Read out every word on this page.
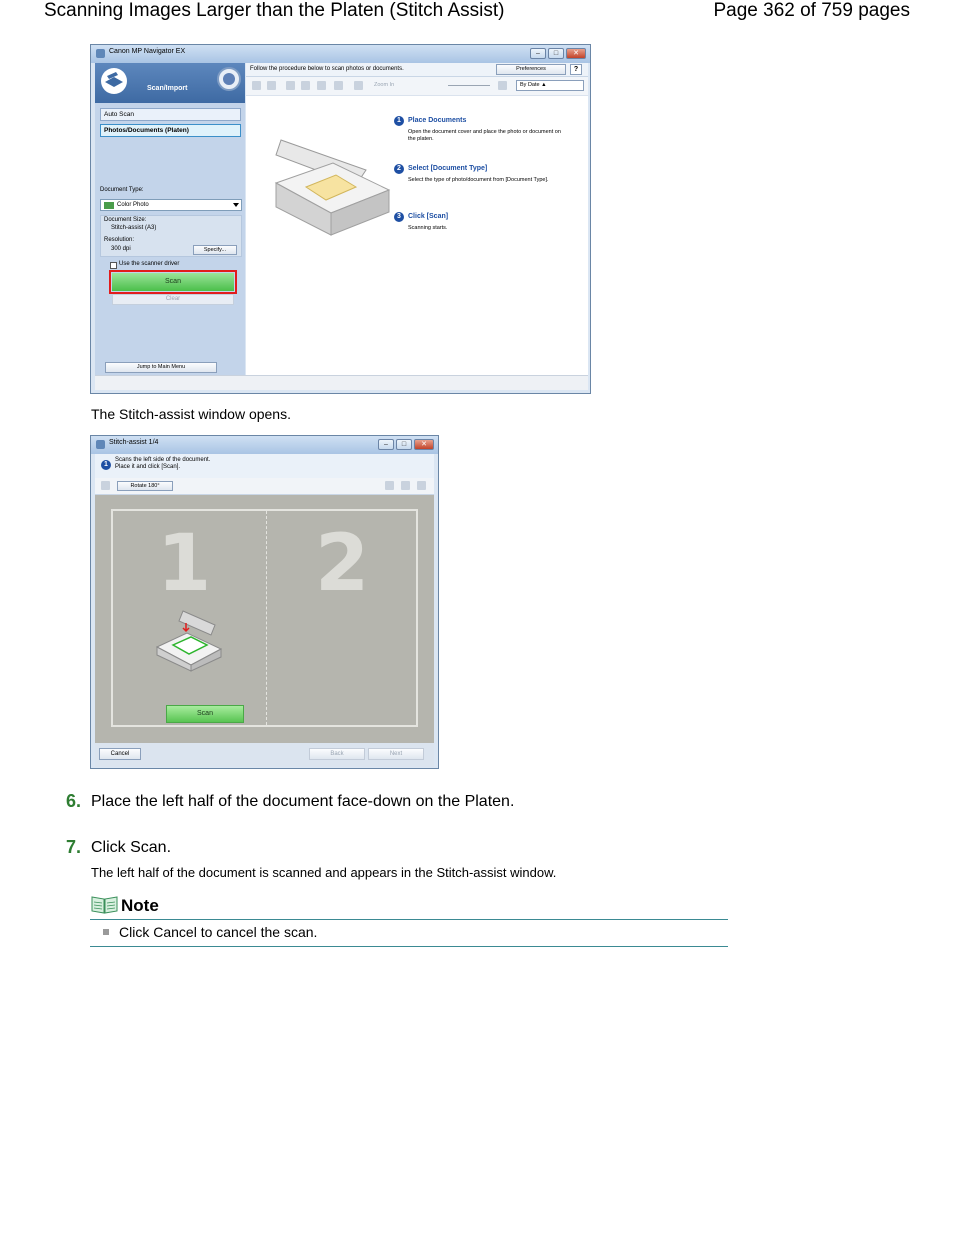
Scanning Images Larger than the Platen (Stitch Assist)	Page 362 of 759 pages
Canon MP Navigator EX	–	□	✕
Scan/Import
Auto Scan
Photos/Documents (Platen)
Document Type:
Color Photo
Document Size:
Stitch-assist (A3)
Resolution:
300 dpi	Specify...
Use the scanner driver
Scan
Clear
Jump to Main Menu
Follow the procedure below to scan photos or documents.	Preferences	?
Zoom In	By Date ▲
1	Place Documents
Open the document cover and place the photo or document on the platen.
2	Select [Document Type]
Select the type of photo/document from [Document Type].
3	Click [Scan]
Scanning starts.
The Stitch-assist window opens.
Stitch-assist 1/4	–	□	✕
1
Scans the left side of the document.
Place it and click [Scan].
Rotate 180°
1 2
Scan
Cancel	Back	Next
6. Place the left half of the document face-down on the Platen.
7. Click Scan.
The left half of the document is scanned and appears in the Stitch-assist window.
Note
Click Cancel to cancel the scan.
